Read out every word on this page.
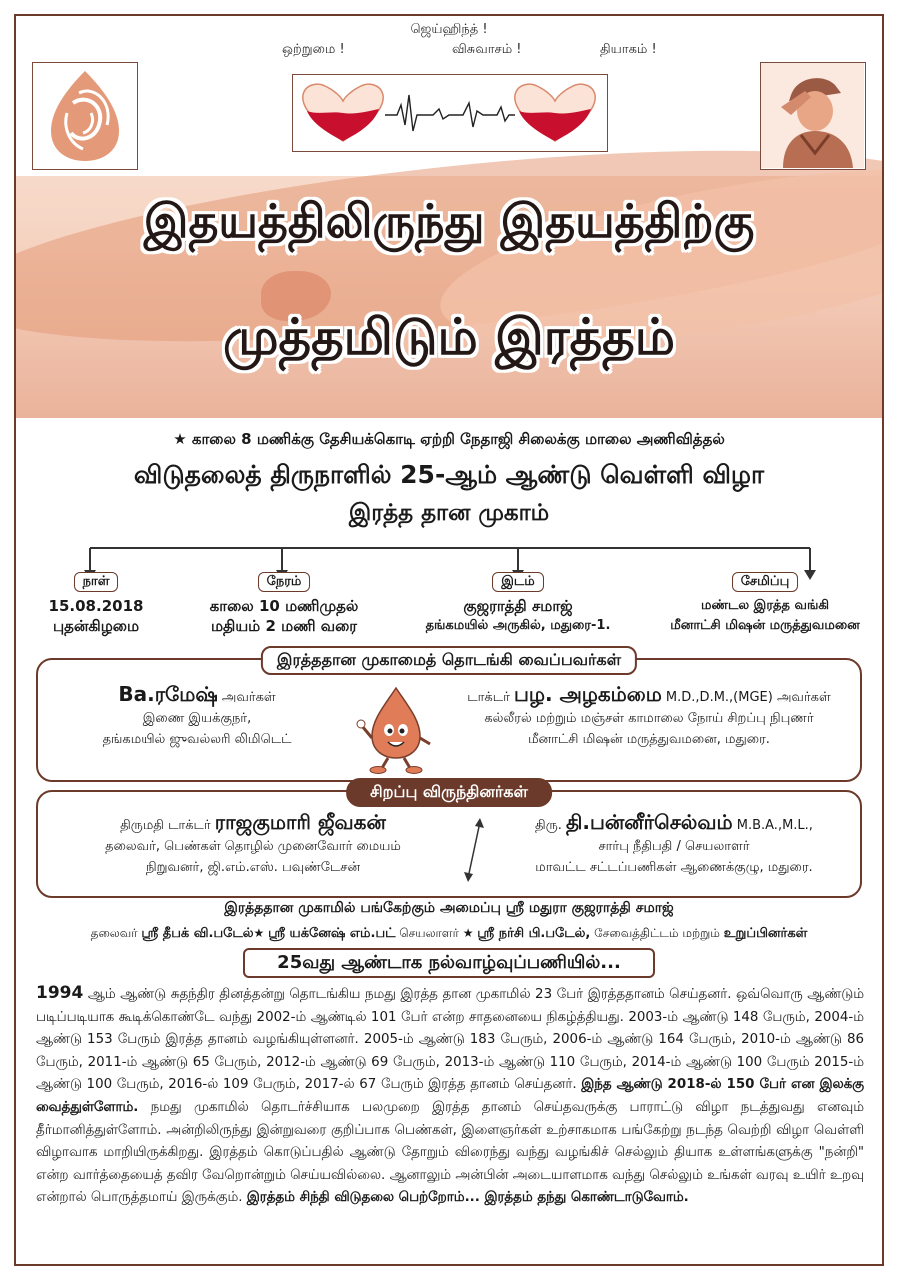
ஜெய்ஹிந்த் !
ஒற்றுமை !	விசுவாசம் !	தியாகம் !
இதயத்திலிருந்து இதயத்திற்கு
முத்தமிடும் இரத்தம்
★ காலை 8 மணிக்கு தேசியக்கொடி ஏற்றி நேதாஜி சிலைக்கு மாலை அணிவித்தல்
விடுதலைத் திருநாளில் 25-ஆம் ஆண்டு வெள்ளி விழா
இரத்த தான முகாம்
நாள்
15.08.2018
புதன்கிழமை
நேரம்
காலை 10 மணிமுதல்
மதியம் 2 மணி வரை
இடம்
குஜராத்தி சமாஜ்
தங்கமயில் அருகில், மதுரை-1.
சேமிப்பு
மண்டல இரத்த வங்கி
மீனாட்சி மிஷன் மருத்துவமனை
இரத்ததான முகாமைத் தொடங்கி வைப்பவர்கள்
Ba.ரமேஷ் அவர்கள்
இணை இயக்குநர்,
தங்கமயில் ஜுவல்லரி லிமிடெட்
டாக்டர் பழ. அழகம்மை M.D.,D.M.,(MGE) அவர்கள்
கல்லீரல் மற்றும் மஞ்சள் காமாலை நோய் சிறப்பு நிபுணர்
மீனாட்சி மிஷன் மருத்துவமனை, மதுரை.
சிறப்பு விருந்தினர்கள்
திருமதி டாக்டர் ராஜகுமாரி ஜீவகன்
தலைவர், பெண்கள் தொழில் முனைவோர் மையம்
நிறுவனர், ஜி.எம்.எஸ். பவுண்டேசன்
திரு. தி.பன்னீர்செல்வம் M.B.A.,M.L.,
சார்பு நீதிபதி / செயலாளர்
மாவட்ட சட்டப்பணிகள் ஆணைக்குழு, மதுரை.
இரத்ததான முகாமில் பங்கேற்கும் அமைப்பு ஸ்ரீ மதுரா குஜராத்தி சமாஜ்
தலைவர் ஸ்ரீ தீபக் வி.படேல்★ ஸ்ரீ யக்னேஷ் எம்.பட் செயலாளர் ★ ஸ்ரீ நர்சி பி.படேல், சேவைத்திட்டம் மற்றும் உறுப்பினர்கள்
25வது ஆண்டாக நல்வாழ்வுப்பணியில்...
1994 ஆம் ஆண்டு சுதந்திர தினத்தன்று தொடங்கிய நமது இரத்த தான முகாமில் 23 பேர் இரத்ததானம் செய்தனர். ஒவ்வொரு ஆண்டும் படிப்படியாக கூடிக்கொண்டே வந்து 2002-ம் ஆண்டில் 101 பேர் என்ற சாதனையை நிகழ்த்தியது. 2003-ம் ஆண்டு 148 பேரும், 2004-ம் ஆண்டு 153 பேரும் இரத்த தானம் வழங்கியுள்ளனர். 2005-ம் ஆண்டு 183 பேரும், 2006-ம் ஆண்டு 164 பேரும், 2010-ம் ஆண்டு 86 பேரும், 2011-ம் ஆண்டு 65 பேரும், 2012-ம் ஆண்டு 69 பேரும், 2013-ம் ஆண்டு 110 பேரும், 2014-ம் ஆண்டு 100 பேரும் 2015-ம் ஆண்டு 100 பேரும், 2016-ல் 109 பேரும், 2017-ல் 67 பேரும் இரத்த தானம் செய்தனர். இந்த ஆண்டு 2018-ல் 150 பேர் என இலக்கு வைத்துள்ளோம். நமது முகாமில் தொடர்ச்சியாக பலமுறை இரத்த தானம் செய்தவருக்கு பாராட்டு விழா நடத்துவது எனவும் தீர்மானித்துள்ளோம். அன்றிலிருந்து இன்றுவரை குறிப்பாக பெண்கள், இளைஞர்கள் உற்சாகமாக பங்கேற்று நடந்த வெற்றி விழா வெள்ளி விழாவாக மாறியிருக்கிறது. இரத்தம் கொடுப்பதில் ஆண்டு தோறும் விரைந்து வந்து வழங்கிச் செல்லும் தியாக உள்ளங்களுக்கு "நன்றி" என்ற வார்த்தையைத் தவிர வேறொன்றும் செய்யவில்லை. ஆனாலும் அன்பின் அடையாளமாக வந்து செல்லும் உங்கள் வரவு உயிர் உறவு என்றால் பொருத்தமாய் இருக்கும். இரத்தம் சிந்தி விடுதலை பெற்றோம்... இரத்தம் தந்து கொண்டாடுவோம்.
